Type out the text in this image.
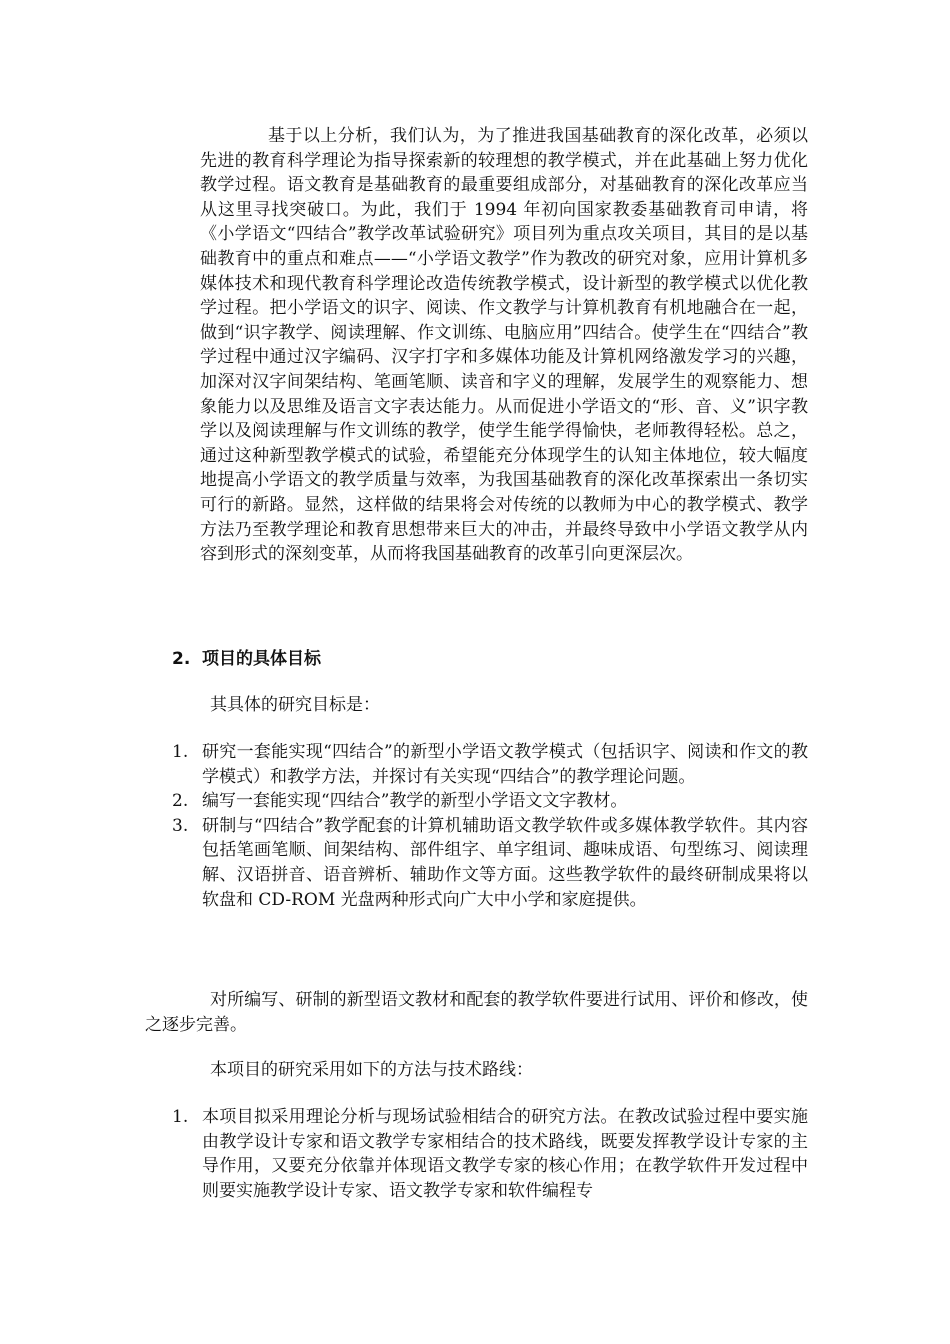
基于以上分析，我们认为，为了推进我国基础教育的深化改革，必须以先进的教育科学理论为指导探索新的较理想的教学模式，并在此基础上努力优化教学过程。语文教育是基础教育的最重要组成部分，对基础教育的深化改革应当从这里寻找突破口。为此，我们于 1994 年初向国家教委基础教育司申请，将《小学语文“四结合”教学改革试验研究》项目列为重点攻关项目，其目的是以基础教育中的重点和难点——“小学语文教学”作为教改的研究对象，应用计算机多媒体技术和现代教育科学理论改造传统教学模式，设计新型的教学模式以优化教学过程。把小学语文的识字、阅读、作文教学与计算机教育有机地融合在一起，做到“识字教学、阅读理解、作文训练、电脑应用”四结合。使学生在“四结合”教学过程中通过汉字编码、汉字打字和多媒体功能及计算机网络激发学习的兴趣，加深对汉字间架结构、笔画笔顺、读音和字义的理解，发展学生的观察能力、想象能力以及思维及语言文字表达能力。从而促进小学语文的“形、音、义”识字教学以及阅读理解与作文训练的教学，使学生能学得愉快，老师教得轻松。总之，通过这种新型教学模式的试验，希望能充分体现学生的认知主体地位，较大幅度地提高小学语文的教学质量与效率，为我国基础教育的深化改革探索出一条切实可行的新路。显然，这样做的结果将会对传统的以教师为中心的教学模式、教学方法乃至教学理论和教育思想带来巨大的冲击，并最终导致中小学语文教学从内容到形式的深刻变革，从而将我国基础教育的改革引向更深层次。

2. 项目的具体目标
其具体的研究目标是：
1. 研究一套能实现“四结合”的新型小学语文教学模式（包括识字、阅读和作文的教学模式）和教学方法，并探讨有关实现“四结合”的教学理论问题。
2. 编写一套能实现“四结合”教学的新型小学语文文字教材。
3. 研制与“四结合”教学配套的计算机辅助语文教学软件或多媒体教学软件。其内容包括笔画笔顺、间架结构、部件组字、单字组词、趣味成语、句型练习、阅读理解、汉语拼音、语音辨析、辅助作文等方面。这些教学软件的最终研制成果将以软盘和 CD-ROM 光盘两种形式向广大中小学和家庭提供。

对所编写、研制的新型语文教材和配套的教学软件要进行试用、评价和修改，使之逐步完善。

本项目的研究采用如下的方法与技术路线：
1. 本项目拟采用理论分析与现场试验相结合的研究方法。在教改试验过程中要实施由教学设计专家和语文教学专家相结合的技术路线，既要发挥教学设计专家的主导作用，又要充分依靠并体现语文教学专家的核心作用；在教学软件开发过程中则要实施教学设计专家、语文教学专家和软件编程专
